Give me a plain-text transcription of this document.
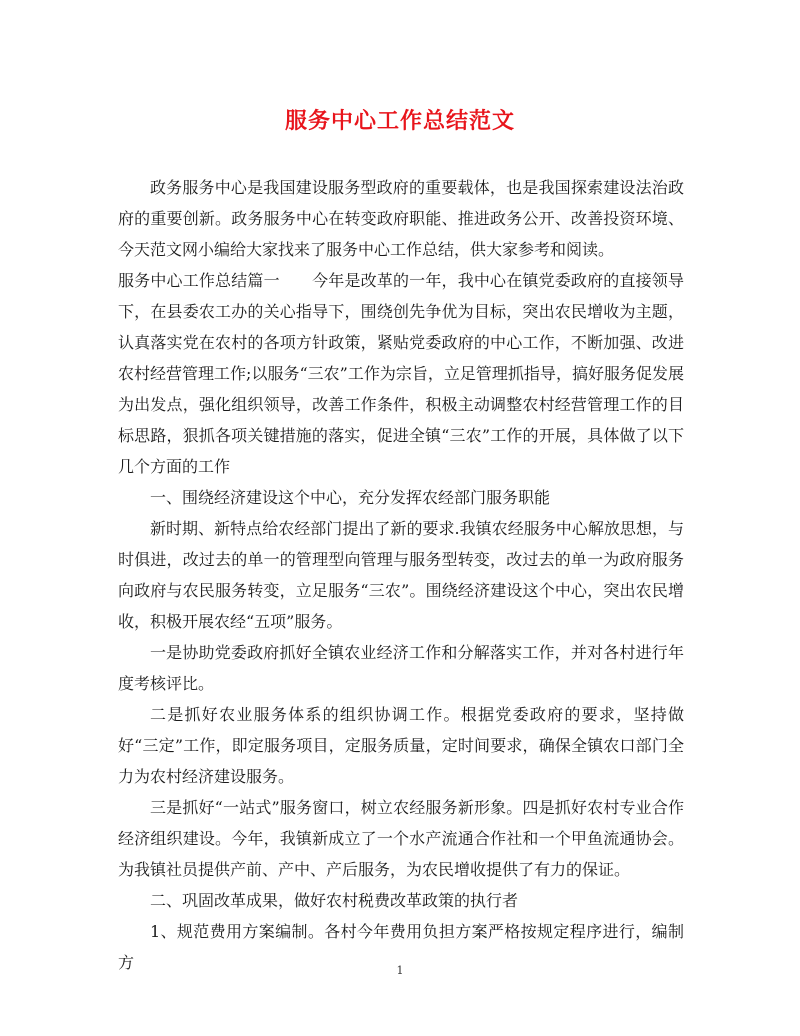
服务中心工作总结范文

政务服务中心是我国建设服务型政府的重要载体，也是我国探索建设法治政府的重要创新。政务服务中心在转变政府职能、推进政务公开、改善投资环境、今天范文网小编给大家找来了服务中心工作总结，供大家参考和阅读。

服务中心工作总结篇一　　今年是改革的一年，我中心在镇党委政府的直接领导下，在县委农工办的关心指导下，围绕创先争优为目标，突出农民增收为主题，认真落实党在农村的各项方针政策，紧贴党委政府的中心工作，不断加强、改进农村经营管理工作;以服务“三农”工作为宗旨，立足管理抓指导，搞好服务促发展为出发点，强化组织领导，改善工作条件，积极主动调整农村经营管理工作的目标思路，狠抓各项关键措施的落实，促进全镇“三农”工作的开展，具体做了以下几个方面的工作

一、围绕经济建设这个中心，充分发挥农经部门服务职能

新时期、新特点给农经部门提出了新的要求.我镇农经服务中心解放思想，与时俱进，改过去的单一的管理型向管理与服务型转变，改过去的单一为政府服务向政府与农民服务转变，立足服务“三农”。围绕经济建设这个中心，突出农民增收，积极开展农经“五项”服务。

一是协助党委政府抓好全镇农业经济工作和分解落实工作，并对各村进行年度考核评比。

二是抓好农业服务体系的组织协调工作。根据党委政府的要求，坚持做好“三定”工作，即定服务项目，定服务质量，定时间要求，确保全镇农口部门全力为农村经济建设服务。

三是抓好“一站式”服务窗口，树立农经服务新形象。四是抓好农村专业合作经济组织建设。今年，我镇新成立了一个水产流通合作社和一个甲鱼流通协会。为我镇社员提供产前、产中、产后服务，为农民增收提供了有力的保证。

二、巩固改革成果，做好农村税费改革政策的执行者

1、规范费用方案编制。各村今年费用负担方案严格按规定程序进行，编制方	1
